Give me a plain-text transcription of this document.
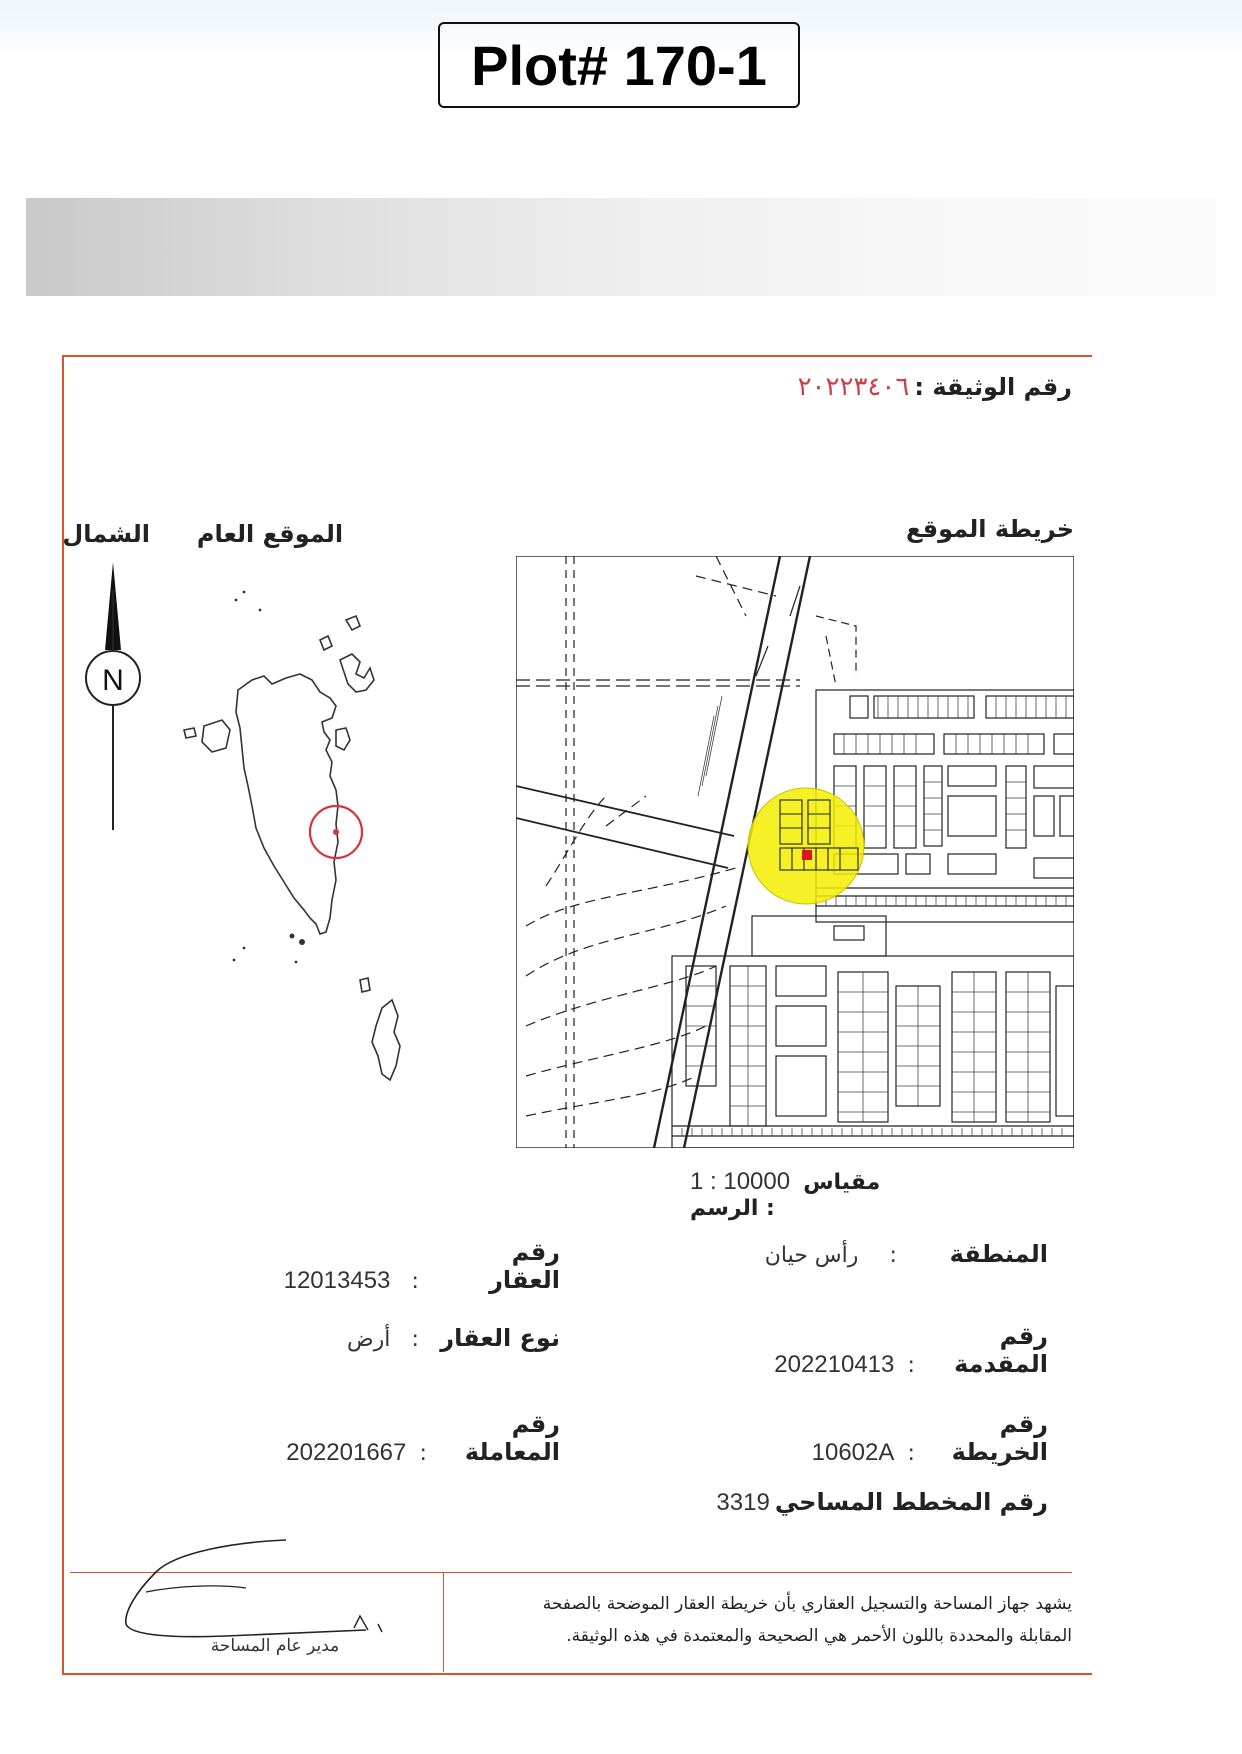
Plot# 170-1
رقم الوثيقة : ٢٠٢٢٣٤٠٦
خريطة الموقع
الموقع العام
الشمال
N
1 : 10000 مقياس الرسم :
المنطقة : رأس حيان
رقم المقدمة : 202210413
رقم الخريطة : 10602A
رقم المخطط المساحي 3319
رقم العقار : 12013453
نوع العقار : أرض
رقم المعاملة : 202201667
يشهد جهاز المساحة والتسجيل العقاري بأن خريطة العقار الموضحة بالصفحة
المقابلة والمحددة باللون الأحمر هي الصحيحة والمعتمدة في هذه الوثيقة.
مدير عام المساحة
